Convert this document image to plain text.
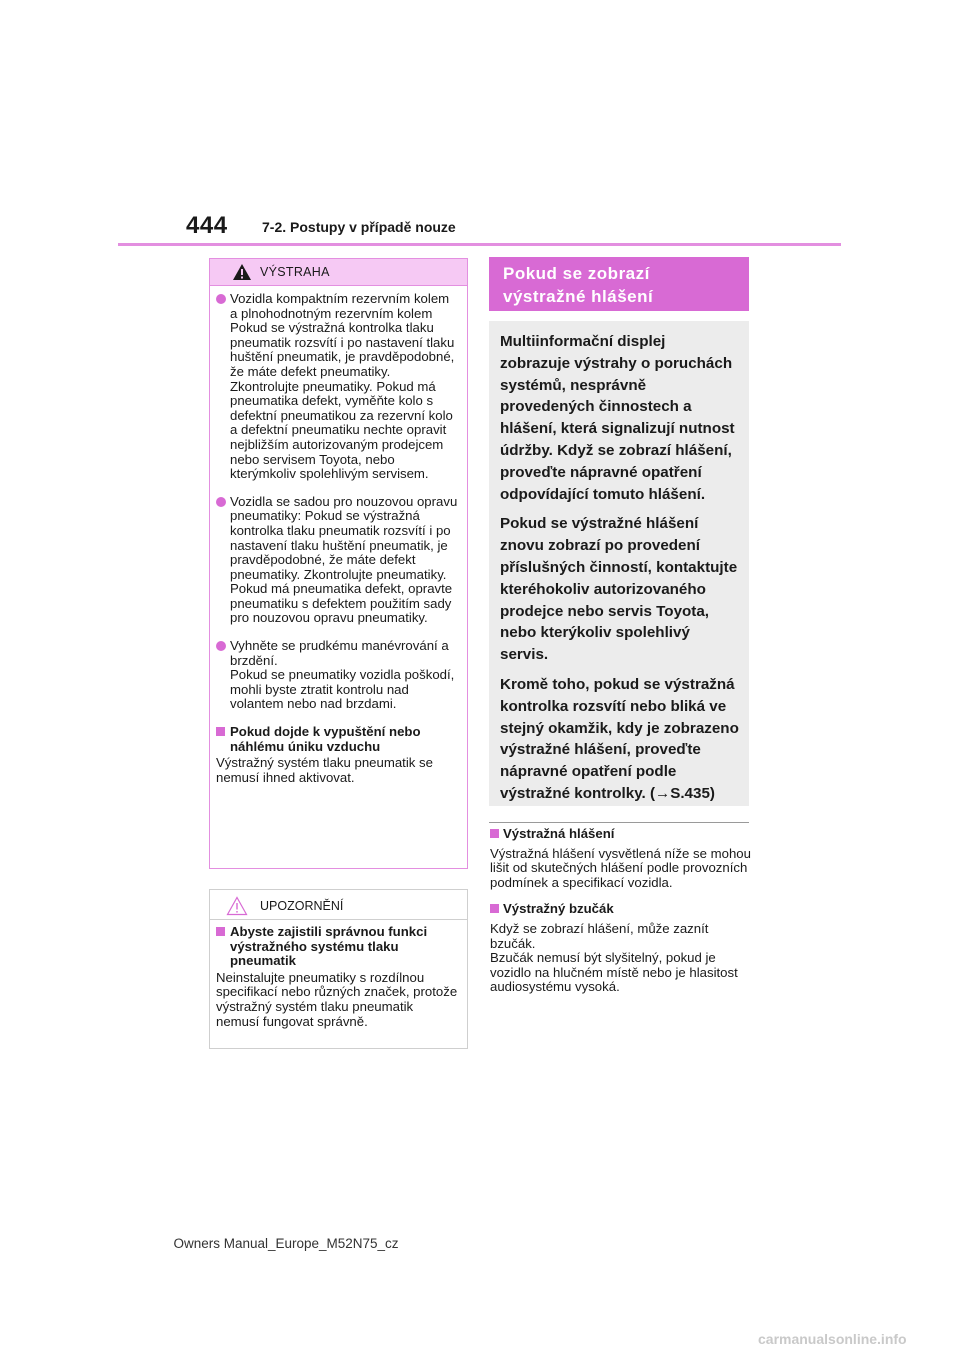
444 7-2. Postupy v případě nouze
VÝSTRAHA

Vozidla kompaktním rezervním kolem a plnohodnotným rezervním kolem Pokud se výstražná kontrolka tlaku pneumatik rozsvítí i po nastavení tlaku huštění pneumatik, je pravděpodobné, že máte defekt pneumatiky. Zkontrolujte pneumatiky. Pokud má pneumatika defekt, vyměňte kolo s defektní pneumatikou za rezervní kolo a defektní pneumatiku nechte opravit nejbližším autorizovaným prodejcem nebo servisem Toyota, nebo kterýmkoliv spolehlivým servisem.

Vozidla se sadou pro nouzovou opravu pneumatiky: Pokud se výstražná kontrolka tlaku pneumatik rozsvítí i po nastavení tlaku huštění pneumatik, je pravděpodobné, že máte defekt pneumatiky. Zkontrolujte pneumatiky. Pokud má pneumatika defekt, opravte pneumatiku s defektem použitím sady pro nouzovou opravu pneumatiky.

Vyhněte se prudkému manévrování a brzdění.

Pokud se pneumatiky vozidla poškodí, mohli byste ztratit kontrolu nad volantem nebo nad brzdami.

Pokud dojde k vypuštění nebo náhlému úniku vzduchu

Výstražný systém tlaku pneumatik se nemusí ihned aktivovat.

UPOZORNĚNÍ

Abyste zajistili správnou funkci výstražného systému tlaku pneumatik

Neinstalujte pneumatiky s rozdílnou specifikací nebo různých značek, protože výstražný systém tlaku pneumatik nemusí fungovat správně.

Pokud se zobrazí výstražné hlášení

Multiinformační displej zobrazuje výstrahy o poruchách systémů, nesprávně provedených činnostech a hlášení, která signalizují nutnost údržby. Když se zobrazí hlášení, proveďte nápravné opatření odpovídající tomuto hlášení.

Pokud se výstražné hlášení znovu zobrazí po provedení příslušných činností, kontaktujte kteréhokoliv autorizovaného prodejce nebo servis Toyota, nebo kterýkoliv spolehlivý servis.

Kromě toho, pokud se výstražná kontrolka rozsvítí nebo bliká ve stejný okamžik, kdy je zobrazeno výstražné hlášení, proveďte nápravné opatření podle výstražné kontrolky. (→S.435)

Výstražná hlášení

Výstražná hlášení vysvětlená níže se mohou lišit od skutečných hlášení podle provozních podmínek a specifikací vozidla.

Výstražný bzučák

Když se zobrazí hlášení, může zaznít bzučák.

Bzučák nemusí být slyšitelný, pokud je vozidlo na hlučném místě nebo je hlasitost audiosystému vysoká.

Owners Manual_Europe_M52N75_cz
carmanualsonline.info
